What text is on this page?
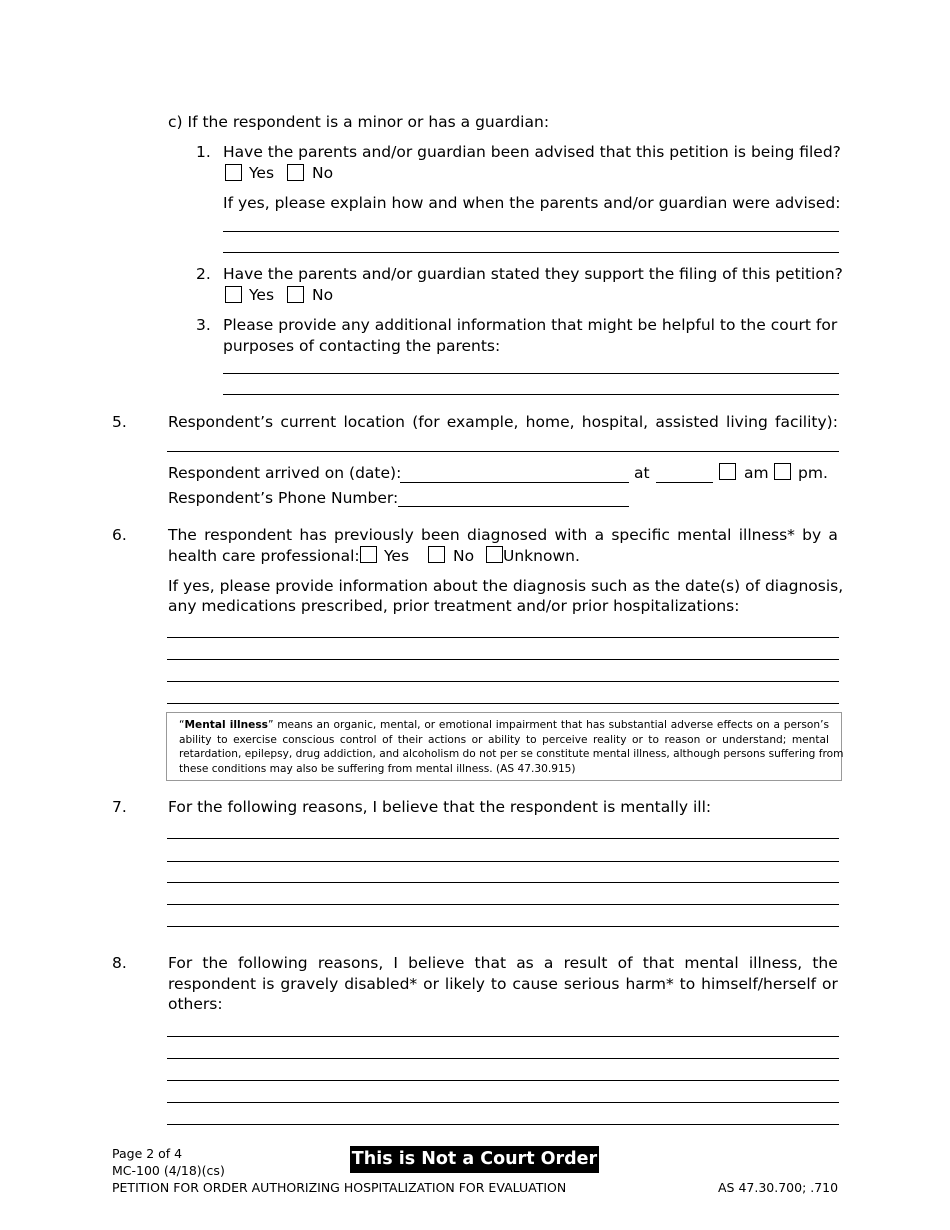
c) If the respondent is a minor or has a guardian:
1. Have the parents and/or guardian been advised that this petition is being filed?
Yes No
If yes, please explain how and when the parents and/or guardian were advised:
2. Have the parents and/or guardian stated they support the filing of this petition?
Yes No
3. Please provide any additional information that might be helpful to the court for
purposes of contacting the parents:
5.	Respondent’s current location (for example, home, hospital, assisted living facility):
Respondent arrived on (date):	at	am pm.
Respondent’s Phone Number:
6.	The respondent has previously been diagnosed with a specific mental illness* by a
health care professional: Yes	No Unknown.
If yes, please provide information about the diagnosis such as the date(s) of diagnosis,
any medications prescribed, prior treatment and/or prior hospitalizations:
“Mental illness” means an organic, mental, or emotional impairment that has substantial adverse effects on a person’s
ability to exercise conscious control of their actions or ability to perceive reality or to reason or understand; mental
retardation, epilepsy, drug addiction, and alcoholism do not per se constitute mental illness, although persons suffering from
these conditions may also be suffering from mental illness. (AS 47.30.915)
7.	For the following reasons, I believe that the respondent is mentally ill:
8.	For the following reasons, I believe that as a result of that mental illness, the
respondent is gravely disabled* or likely to cause serious harm* to himself/herself or
others:
Page 2 of 4
MC-100 (4/18)(cs)
PETITION FOR ORDER AUTHORIZING HOSPITALIZATION FOR EVALUATION	AS 47.30.700; .710
This is Not a Court Order
